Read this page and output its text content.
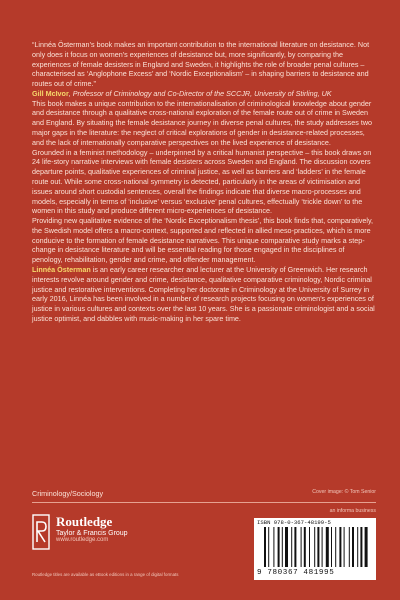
“Linnéa Österman’s book makes an important contribution to the international literature on desistance. Not only does it focus on women’s experiences of desistance but, more significantly, by comparing the experiences of female desisters in England and Sweden, it highlights the role of broader penal cultures – characterised as ‘Anglophone Excess’ and ‘Nordic Exceptionalism’ – in shaping barriers to desistance and routes out of crime.”

Gill McIvor, Professor of Criminology and Co-Director of the SCCJR, University of Stirling, UK

This book makes a unique contribution to the internationalisation of criminological knowledge about gender and desistance through a qualitative cross-national exploration of the female route out of crime in Sweden and England. By situating the female desistance journey in diverse penal cultures, the study addresses two major gaps in the literature: the neglect of critical explorations of gender in desistance-related processes, and the lack of internationally comparative perspectives on the lived experience of desistance.

Grounded in a feminist methodology – underpinned by a critical humanist perspective – this book draws on 24 life-story narrative interviews with female desisters across Sweden and England. The discussion covers departure points, qualitative experiences of criminal justice, as well as barriers and ‘ladders’ in the female route out. While some cross-national symmetry is detected, particularly in the areas of victimisation and issues around short custodial sentences, overall the findings indicate that diverse macro-processes and models, especially in terms of ‘inclusive’ versus ‘exclusive’ penal cultures, effectually ‘trickle down’ to the women in this study and produce different micro-experiences of desistance.

Providing new qualitative evidence of the ‘Nordic Exceptionalism thesis’, this book finds that, comparatively, the Swedish model offers a macro-context, supported and reflected in allied meso-practices, which is more conducive to the formation of female desistance narratives. This unique comparative study marks a step-change in desistance literature and will be essential reading for those engaged in the disciplines of penology, rehabilitation, gender and crime, and offender management.

Linnéa Österman is an early career researcher and lecturer at the University of Greenwich. Her research interests revolve around gender and crime, desistance, qualitative comparative criminology, Nordic criminal justice and restorative interventions. Completing her doctorate in Criminology at the University of Surrey in early 2016, Linnéa has been involved in a number of research projects focusing on women’s experiences of justice in various cultures and contexts over the last 10 years. She is a passionate criminologist and a social justice optimist, and dabbles with music-making in her spare time.

Criminology/Sociology	Cover image: © Tom Senior
Routledge
Taylor & Francis Group
www.routledge.com
an informa business
ISBN 978-0-367-48199-5
9 780367 481995
Routledge titles are available as eBook editions in a range of digital formats
